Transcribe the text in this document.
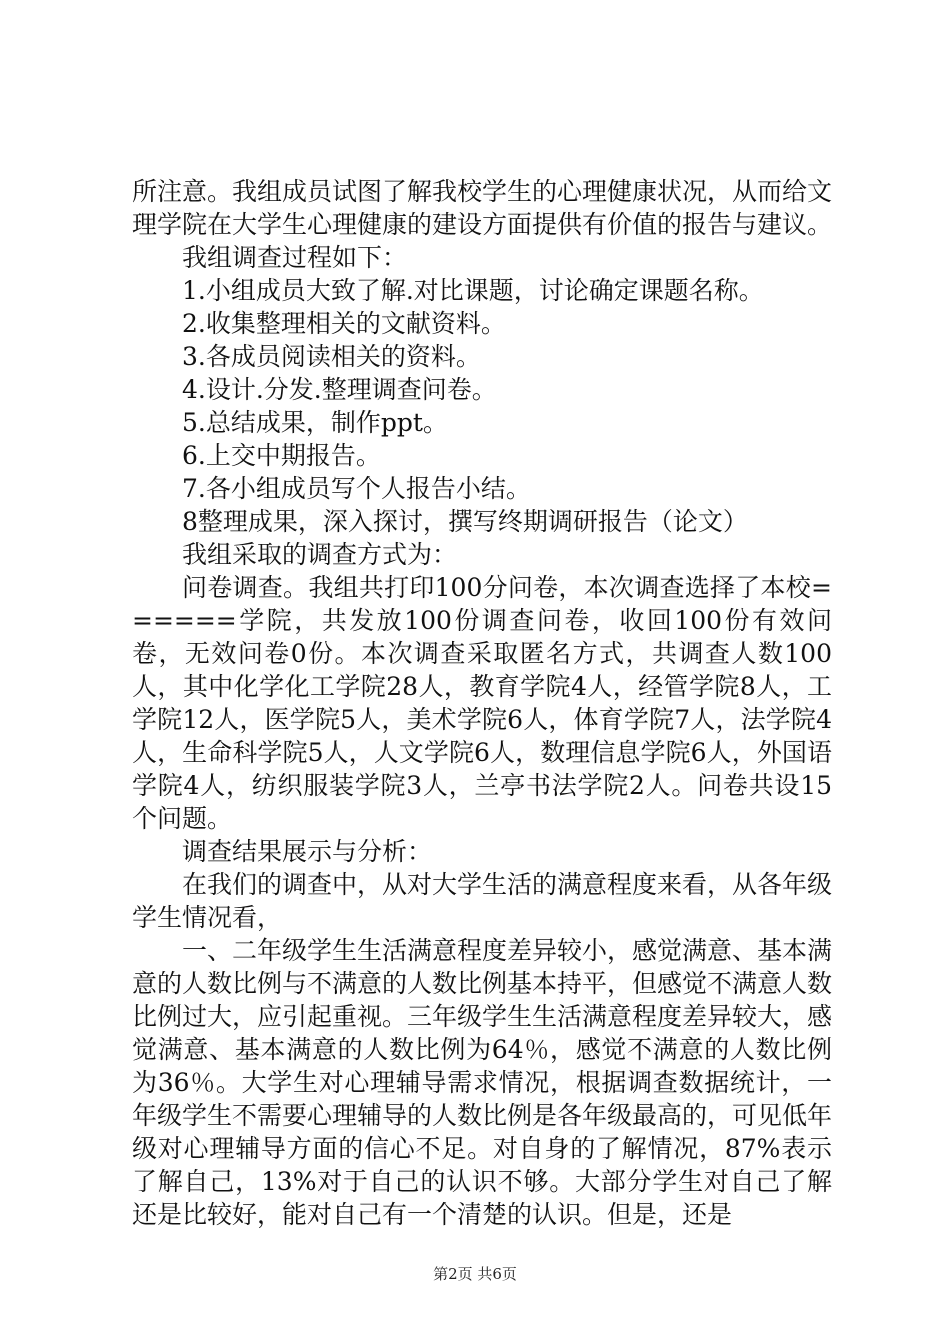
所注意。我组成员试图了解我校学生的心理健康状况，从而给文理学院在大学生心理健康的建设方面提供有价值的报告与建议。

我组调查过程如下：

1.小组成员大致了解.对比课题，讨论确定课题名称。

2.收集整理相关的文献资料。

3.各成员阅读相关的资料。

4.设计.分发.整理调查问卷。

5.总结成果，制作ppt。

6.上交中期报告。

7.各小组成员写个人报告小结。

8整理成果，深入探讨，撰写终期调研报告（论文）

我组采取的调查方式为：

问卷调查。我组共打印100分问卷，本次调查选择了本校======学院，共发放100份调查问卷，收回100份有效问卷，无效问卷0份。本次调查采取匿名方式，共调查人数100人，其中化学化工学院28人，教育学院4人，经管学院8人，工学院12人，医学院5人，美术学院6人，体育学院7人，法学院4人，生命科学院5人，人文学院6人，数理信息学院6人，外国语学院4人，纺织服装学院3人，兰亭书法学院2人。问卷共设15个问题。

调查结果展示与分析：

在我们的调查中，从对大学生活的满意程度来看，从各年级学生情况看，

一、二年级学生生活满意程度差异较小，感觉满意、基本满意的人数比例与不满意的人数比例基本持平，但感觉不满意人数比例过大，应引起重视。三年级学生生活满意程度差异较大，感觉满意、基本满意的人数比例为64％，感觉不满意的人数比例为36％。大学生对心理辅导需求情况，根据调查数据统计，一年级学生不需要心理辅导的人数比例是各年级最高的，可见低年级对心理辅导方面的信心不足。对自身的了解情况，87%表示了解自己，13%对于自己的认识不够。大部分学生对自己了解还是比较好，能对自己有一个清楚的认识。但是，还是

第2页 共6页
